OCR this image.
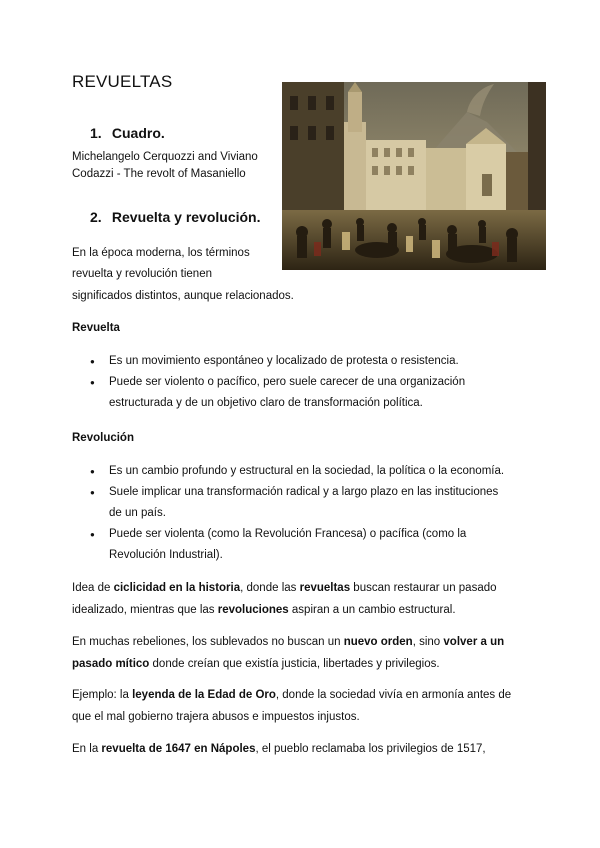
REVUELTAS
1. Cuadro.
Michelangelo Cerquozzi and Viviano
Codazzi - The revolt of Masaniello
2. Revuelta y revolución.

En la época moderna, los términos

revuelta y revolución tienen

significados distintos, aunque relacionados.

Revuelta

● Es un movimiento espontáneo y localizado de protesta o resistencia.
● Puede ser violento o pacífico, pero suele carecer de una organización estructurada y de un objetivo claro de transformación política.

Revolución

● Es un cambio profundo y estructural en la sociedad, la política o la economía.
● Suele implicar una transformación radical y a largo plazo en las instituciones de un país.
● Puede ser violenta (como la Revolución Francesa) o pacífica (como la Revolución Industrial).

Idea de ciclicidad en la historia, donde las revueltas buscan restaurar un pasado idealizado, mientras que las revoluciones aspiran a un cambio estructural.

En muchas rebeliones, los sublevados no buscan un nuevo orden, sino volver a un pasado mítico donde creían que existía justicia, libertades y privilegios.

Ejemplo: la leyenda de la Edad de Oro, donde la sociedad vivía en armonía antes de que el mal gobierno trajera abusos e impuestos injustos.

En la revuelta de 1647 en Nápoles, el pueblo reclamaba los privilegios de 1517,
